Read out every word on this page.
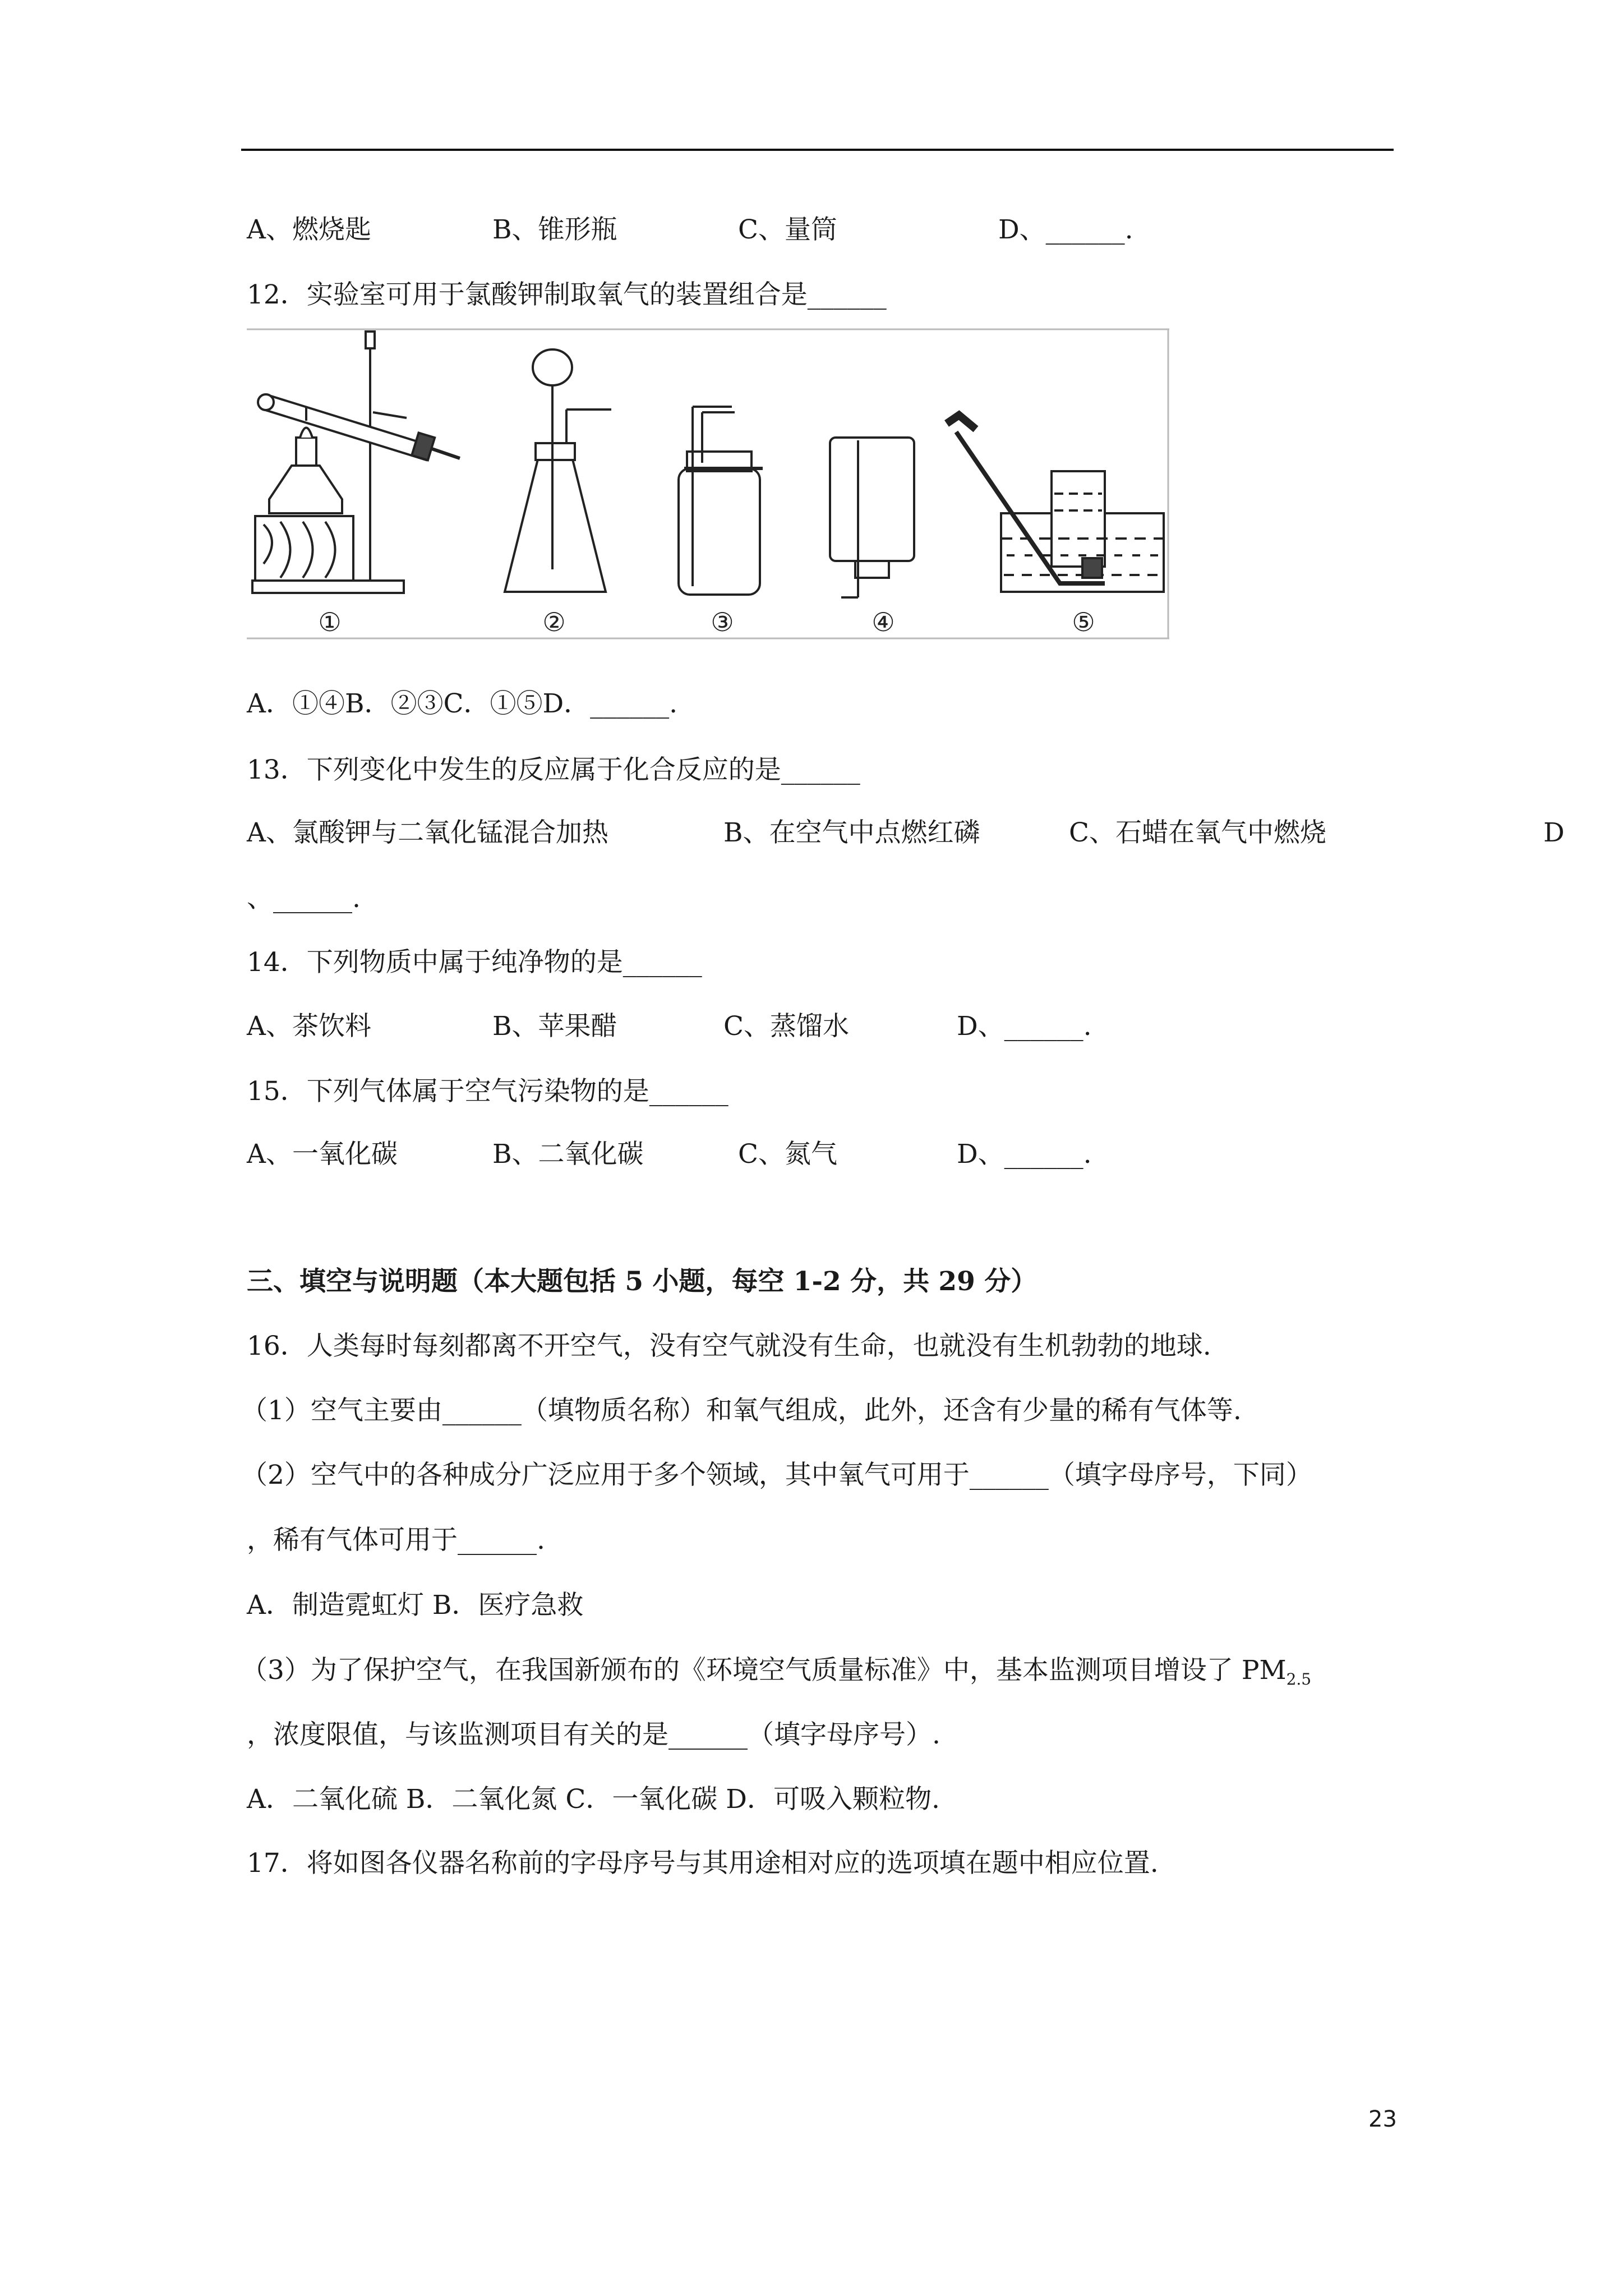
A、燃烧匙	B、锥形瓶	C、量筒	D、______.
12．实验室可用于氯酸钾制取氧气的装置组合是______
①	②	③	④	⑤
A．①④B．②③C．①⑤D．______.
13．下列变化中发生的反应属于化合反应的是______
A、氯酸钾与二氧化锰混合加热	B、在空气中点燃红磷	C、石蜡在氧气中燃烧	D
、______.
14．下列物质中属于纯净物的是______
A、茶饮料	B、苹果醋	C、蒸馏水	D、______.
15．下列气体属于空气污染物的是______
A、一氧化碳	B、二氧化碳	C、氮气	D、______.
三、填空与说明题（本大题包括 5 小题，每空 1-2 分，共 29 分）
16．人类每时每刻都离不开空气，没有空气就没有生命，也就没有生机勃勃的地球.
（1）空气主要由______（填物质名称）和氧气组成，此外，还含有少量的稀有气体等.
（2）空气中的各种成分广泛应用于多个领域，其中氧气可用于______（填字母序号，下同）
，稀有气体可用于______.
A．制造霓虹灯 B．医疗急救
（3）为了保护空气，在我国新颁布的《环境空气质量标准》中，基本监测项目增设了 $PM_{2.5}$
，浓度限值，与该监测项目有关的是______（填字母序号）.
A．二氧化硫 B．二氧化氮 C．一氧化碳 D．可吸入颗粒物.
17．将如图各仪器名称前的字母序号与其用途相对应的选项填在题中相应位置.
23
